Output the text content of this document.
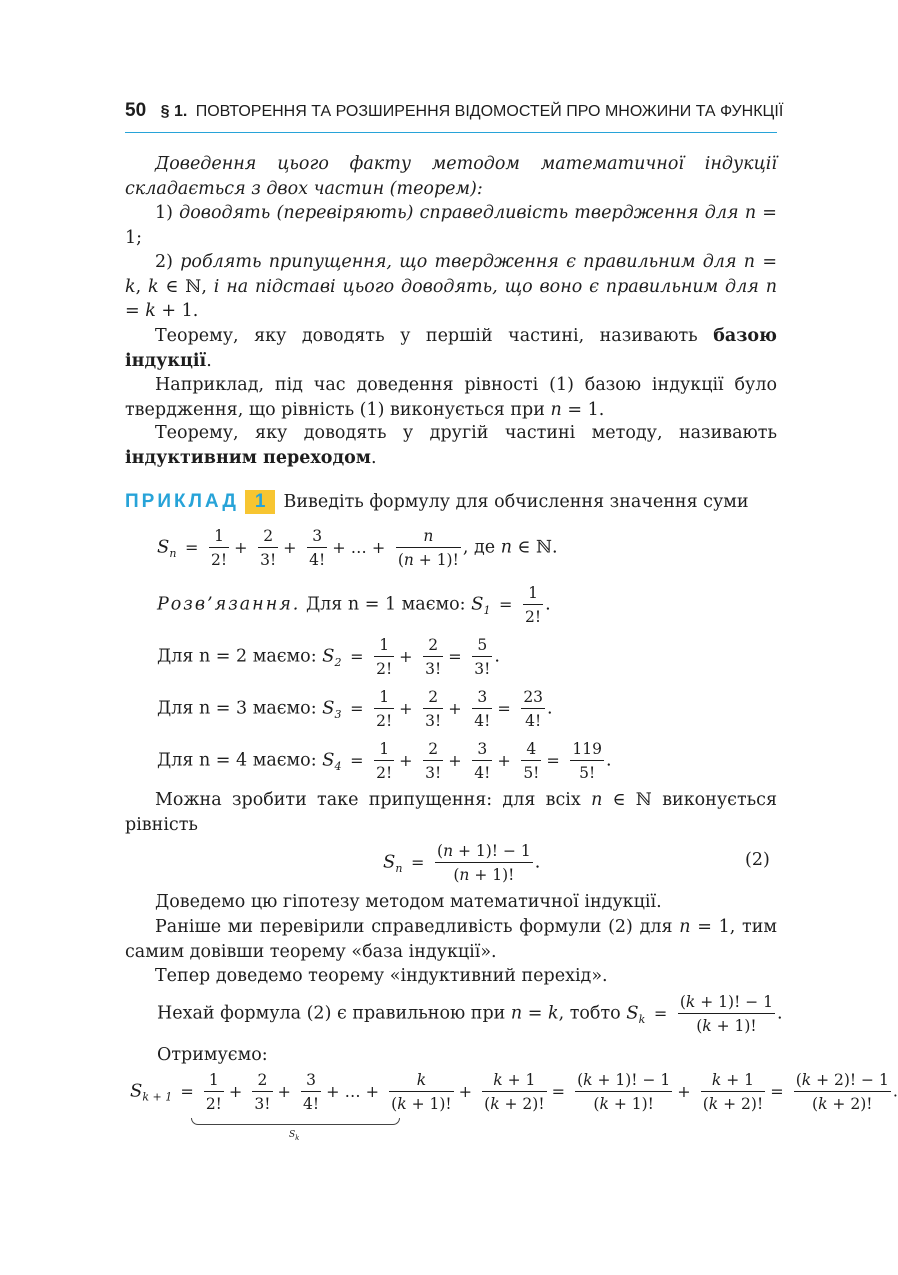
50 § 1. ПОВТОРЕННЯ ТА РОЗШИРЕННЯ ВІДОМОСТЕЙ ПРО МНОЖИНИ ТА ФУНКЦІЇ
Доведення цього факту методом математичної індукції складається з двох частин (теорем):
1) доводять (перевіряють) справедливість твердження для n = 1;
2) роблять припущення, що твердження є правильним для n = k, k ∈ ℕ, і на підставі цього доводять, що воно є правильним для n = k + 1.
Теорему, яку доводять у першій частині, називають базою індукції.
Наприклад, під час доведення рівності (1) базою індукції було твердження, що рівність (1) виконується при n = 1.
Теорему, яку доводять у другій частині методу, називають індуктивним переходом.
ПРИКЛАД 1 Виведіть формулу для обчислення значення суми
$S_n = \frac{1}{2!} + \frac{2}{3!} + \frac{3}{4!}$ + … + $\frac{n}{(n + 1)!}$ , де n ∈ ℕ.
Розв’язання. Для n = 1 маємо: $S_1 = \frac{1}{2!}$ .
Для n = 2 маємо: $S_2 = \frac{1}{2!} + \frac{2}{3!} = \frac{5}{3!}$ .
Для n = 3 маємо: $S_3 = \frac{1}{2!} + \frac{2}{3!} + \frac{3}{4!} = \frac{23}{4!}$ .
Для n = 4 маємо: $S_4 = \frac{1}{2!} + \frac{2}{3!} + \frac{3}{4!} + \frac{4}{5!} = \frac{119}{5!}$ .
Можна зробити таке припущення: для всіх n ∈ ℕ виконується рівність
$S_n = \frac{(n + 1)! - 1}{(n + 1)!}$ .	(2)
Доведемо цю гіпотезу методом математичної індукції.
Раніше ми перевірили справедливість формули (2) для n = 1, тим самим довівши теорему «база індукції».
Тепер доведемо теорему «індуктивний перехід».
Нехай формула (2) є правильною при n = k, тобто $S_k = \frac{(k + 1)! - 1}{(k + 1)!}$ .
Отримуємо:
$S_{k + 1} = \frac{1}{2!} + \frac{2}{3!} + \frac{3}{4!}$ + … + $\frac{k}{(k + 1)!} + \frac{k + 1}{(k + 2)!} = \frac{(k + 1)! - 1}{(k + 1)!} + \frac{k + 1}{(k + 2)!} = \frac{(k + 2)! - 1}{(k + 2)!}$ .
$S_k$
